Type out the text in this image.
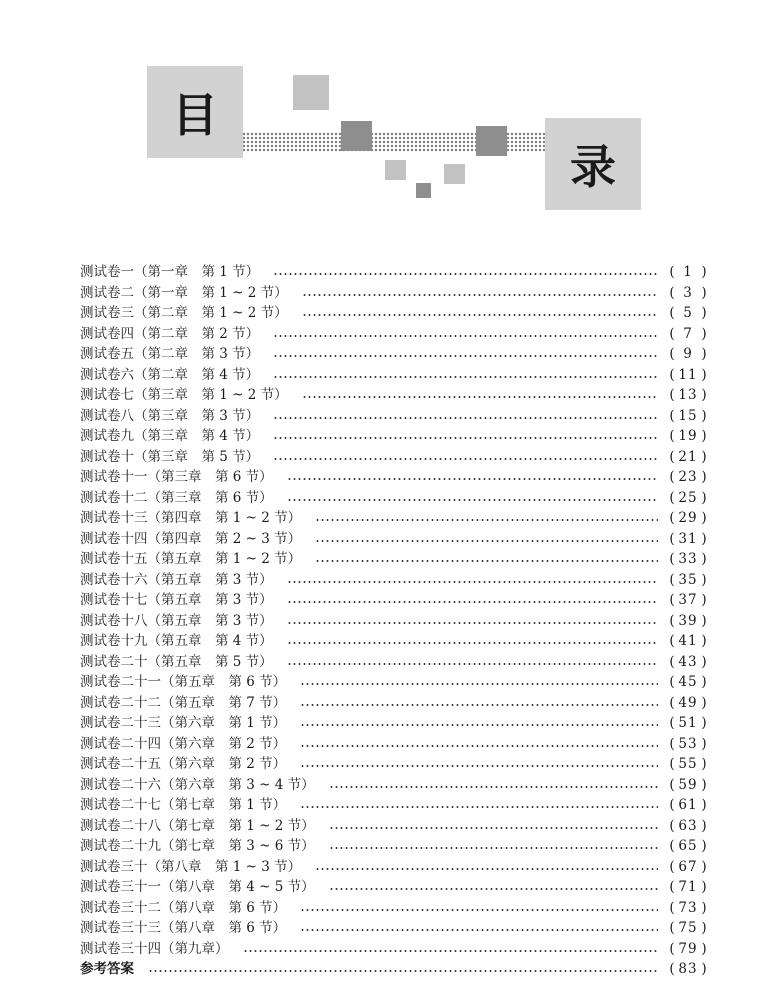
目
录
测试卷一（第一章　第 1 节）	( 1 )
测试卷二（第一章　第 1 ~ 2 节）	( 3 )
测试卷三（第二章　第 1 ~ 2 节）	( 5 )
测试卷四（第二章　第 2 节）	( 7 )
测试卷五（第二章　第 3 节）	( 9 )
测试卷六（第二章　第 4 节）	( 11 )
测试卷七（第三章　第 1 ~ 2 节）	( 13 )
测试卷八（第三章　第 3 节）	( 15 )
测试卷九（第三章　第 4 节）	( 19 )
测试卷十（第三章　第 5 节）	( 21 )
测试卷十一（第三章　第 6 节）	( 23 )
测试卷十二（第三章　第 6 节）	( 25 )
测试卷十三（第四章　第 1 ~ 2 节）	( 29 )
测试卷十四（第四章　第 2 ~ 3 节）	( 31 )
测试卷十五（第五章　第 1 ~ 2 节）	( 33 )
测试卷十六（第五章　第 3 节）	( 35 )
测试卷十七（第五章　第 3 节）	( 37 )
测试卷十八（第五章　第 3 节）	( 39 )
测试卷十九（第五章　第 4 节）	( 41 )
测试卷二十（第五章　第 5 节）	( 43 )
测试卷二十一（第五章　第 6 节）	( 45 )
测试卷二十二（第五章　第 7 节）	( 49 )
测试卷二十三（第六章　第 1 节）	( 51 )
测试卷二十四（第六章　第 2 节）	( 53 )
测试卷二十五（第六章　第 2 节）	( 55 )
测试卷二十六（第六章　第 3 ~ 4 节）	( 59 )
测试卷二十七（第七章　第 1 节）	( 61 )
测试卷二十八（第七章　第 1 ~ 2 节）	( 63 )
测试卷二十九（第七章　第 3 ~ 6 节）	( 65 )
测试卷三十（第八章　第 1 ~ 3 节）	( 67 )
测试卷三十一（第八章　第 4 ~ 5 节）	( 71 )
测试卷三十二（第八章　第 6 节）	( 73 )
测试卷三十三（第八章　第 6 节）	( 75 )
测试卷三十四（第九章）	( 79 )
参考答案	( 83 )
